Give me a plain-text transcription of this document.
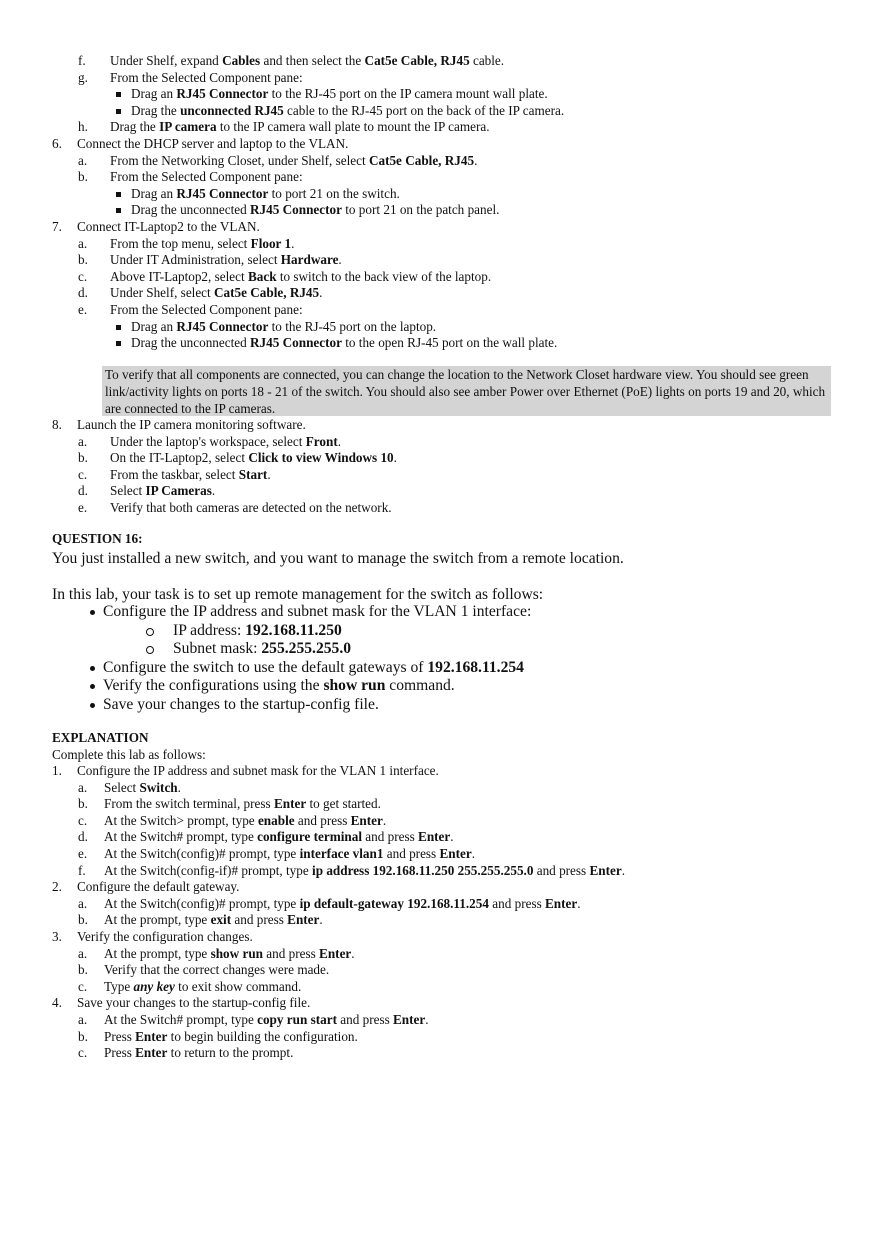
f. Under Shelf, expand Cables and then select the Cat5e Cable, RJ45 cable.
g. From the Selected Component pane:
Drag an RJ45 Connector to the RJ-45 port on the IP camera mount wall plate.
Drag the unconnected RJ45 cable to the RJ-45 port on the back of the IP camera.
h. Drag the IP camera to the IP camera wall plate to mount the IP camera.
6. Connect the DHCP server and laptop to the VLAN.
a. From the Networking Closet, under Shelf, select Cat5e Cable, RJ45.
b. From the Selected Component pane:
Drag an RJ45 Connector to port 21 on the switch.
Drag the unconnected RJ45 Connector to port 21 on the patch panel.
7. Connect IT-Laptop2 to the VLAN.
a. From the top menu, select Floor 1.
b. Under IT Administration, select Hardware.
c. Above IT-Laptop2, select Back to switch to the back view of the laptop.
d. Under Shelf, select Cat5e Cable, RJ45.
e. From the Selected Component pane:
Drag an RJ45 Connector to the RJ-45 port on the laptop.
Drag the unconnected RJ45 Connector to the open RJ-45 port on the wall plate.
To verify that all components are connected, you can change the location to the Network Closet hardware view. You should see green link/activity lights on ports 18 - 21 of the switch. You should also see amber Power over Ethernet (PoE) lights on ports 19 and 20, which are connected to the IP cameras.
8. Launch the IP camera monitoring software.
a. Under the laptop's workspace, select Front.
b. On the IT-Laptop2, select Click to view Windows 10.
c. From the taskbar, select Start.
d. Select IP Cameras.
e. Verify that both cameras are detected on the network.
QUESTION 16:
You just installed a new switch, and you want to manage the switch from a remote location.
In this lab, your task is to set up remote management for the switch as follows:
Configure the IP address and subnet mask for the VLAN 1 interface:
IP address: 192.168.11.250
Subnet mask: 255.255.255.0
Configure the switch to use the default gateways of 192.168.11.254
Verify the configurations using the show run command.
Save your changes to the startup-config file.
EXPLANATION
Complete this lab as follows:
1. Configure the IP address and subnet mask for the VLAN 1 interface.
a. Select Switch.
b. From the switch terminal, press Enter to get started.
c. At the Switch> prompt, type enable and press Enter.
d. At the Switch# prompt, type configure terminal and press Enter.
e. At the Switch(config)# prompt, type interface vlan1 and press Enter.
f. At the Switch(config-if)# prompt, type ip address 192.168.11.250 255.255.255.0 and press Enter.
2. Configure the default gateway.
a. At the Switch(config)# prompt, type ip default-gateway 192.168.11.254 and press Enter.
b. At the prompt, type exit and press Enter.
3. Verify the configuration changes.
a. At the prompt, type show run and press Enter.
b. Verify that the correct changes were made.
c. Type any key to exit show command.
4. Save your changes to the startup-config file.
a. At the Switch# prompt, type copy run start and press Enter.
b. Press Enter to begin building the configuration.
c. Press Enter to return to the prompt.
